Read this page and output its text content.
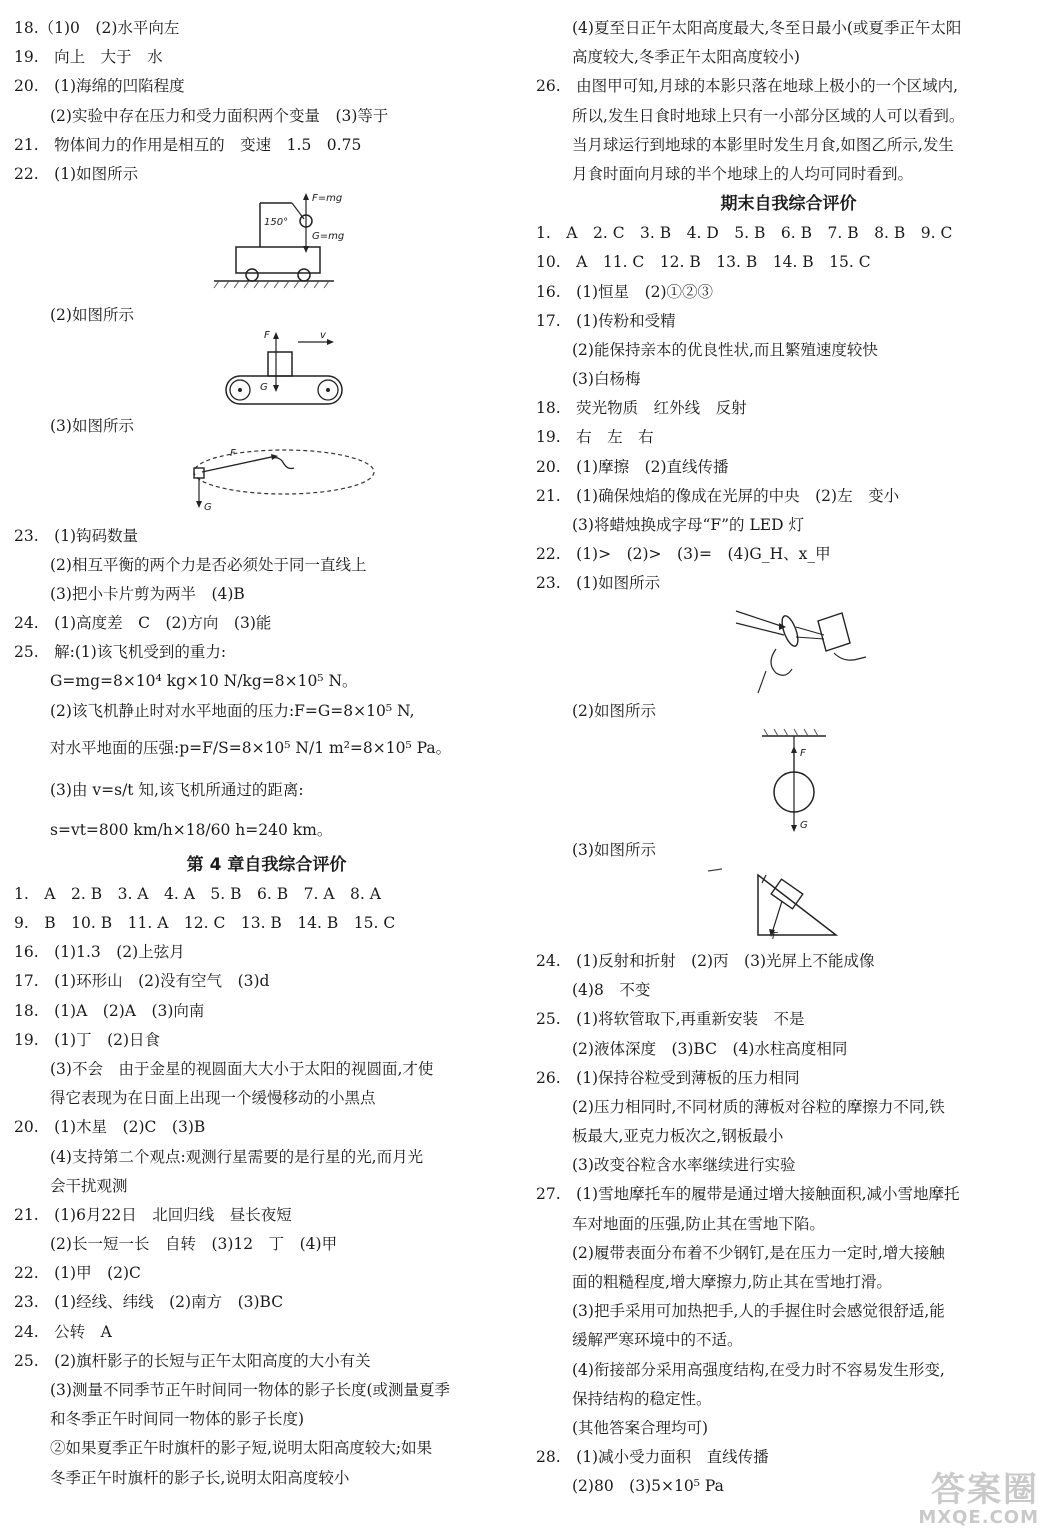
18.（1)0　(2)水平向左
19.　向上　大于　水
20.　(1)海绵的凹陷程度
(2)实验中存在压力和受力面积两个变量　(3)等于
21.　物体间力的作用是相互的　变速　1.5　0.75
22.　(1)如图所示
150°
F=mg
G=mg
(2)如图所示
F	v
G
(3)如图所示
F
G
23.　(1)钩码数量
(2)相互平衡的两个力是否必须处于同一直线上
(3)把小卡片剪为两半　(4)B
24.　(1)高度差　C　(2)方向　(3)能
25.　解:(1)该飞机受到的重力:
G=mg=8×10⁴ kg×10 N/kg=8×10⁵ N。
(2)该飞机静止时对水平地面的压力:F=G=8×10⁵ N,
对水平地面的压强:p=F/S=8×10⁵ N/1 m²=8×10⁵ Pa。
(3)由 v=s/t 知,该飞机所通过的距离:
s=vt=800 km/h×18/60 h=240 km。
第 4 章自我综合评价
1.　A　2. B　3. A　4. A　5. B　6. B　7. A　8. A
9.　B　10. B　11. A　12. C　13. B　14. B　15. C
16.　(1)1.3　(2)上弦月
17.　(1)环形山　(2)没有空气　(3)d
18.　(1)A　(2)A　(3)向南
19.　(1)丁　(2)日食
(3)不会　由于金星的视圆面大大小于太阳的视圆面,才使
得它表现为在日面上出现一个缓慢移动的小黑点
20.　(1)木星　(2)C　(3)B
(4)支持第二个观点:观测行星需要的是行星的光,而月光
会干扰观测
21.　(1)6月22日　北回归线　昼长夜短
(2)长一短一长　自转　(3)12　丁　(4)甲
22.　(1)甲　(2)C
23.　(1)经线、纬线　(2)南方　(3)BC
24.　公转　A
25.　(2)旗杆影子的长短与正午太阳高度的大小有关
(3)测量不同季节正午时间同一物体的影子长度(或测量夏季
和冬季正午时间同一物体的影子长度)
②如果夏季正午时旗杆的影子短,说明太阳高度较大;如果
冬季正午时旗杆的影子长,说明太阳高度较小
(4)夏至日正午太阳高度最大,冬至日最小(或夏季正午太阳
高度较大,冬季正午太阳高度较小)
26.　由图甲可知,月球的本影只落在地球上极小的一个区域内,
所以,发生日食时地球上只有一小部分区域的人可以看到。
当月球运行到地球的本影里时发生月食,如图乙所示,发生
月食时面向月球的半个地球上的人均可同时看到。
期末自我综合评价
1.　A　2. C　3. B　4. D　5. B　6. B　7. B　8. B　9. C
10.　A　11. C　12. B　13. B　14. B　15. C
16.　(1)恒星　(2)①②③
17.　(1)传粉和受精
(2)能保持亲本的优良性状,而且繁殖速度较快
(3)白杨梅
18.　荧光物质　红外线　反射
19.　右　左　右
20.　(1)摩擦　(2)直线传播
21.　(1)确保烛焰的像成在光屏的中央　(2)左　变小
(3)将蜡烛换成字母“F”的 LED 灯
22.　(1)>　(2)>　(3)=　(4)G_H、x_甲
23.　(1)如图所示
(2)如图所示
F
G
(3)如图所示
F
24.　(1)反射和折射　(2)丙　(3)光屏上不能成像
(4)8　不变
25.　(1)将软管取下,再重新安装　不是
(2)液体深度　(3)BC　(4)水柱高度相同
26.　(1)保持谷粒受到薄板的压力相同
(2)压力相同时,不同材质的薄板对谷粒的摩擦力不同,铁
板最大,亚克力板次之,钢板最小
(3)改变谷粒含水率继续进行实验
27.　(1)雪地摩托车的履带是通过增大接触面积,减小雪地摩托
车对地面的压强,防止其在雪地下陷。
(2)履带表面分布着不少钢钉,是在压力一定时,增大接触
面的粗糙程度,增大摩擦力,防止其在雪地打滑。
(3)把手采用可加热把手,人的手握住时会感觉很舒适,能
缓解严寒环境中的不适。
(4)衔接部分采用高强度结构,在受力时不容易发生形变,
保持结构的稳定性。
(其他答案合理均可)
28.　(1)减小受力面积　直线传播
(2)80　(3)5×10⁵ Pa	答案圈
MXQE.COM
